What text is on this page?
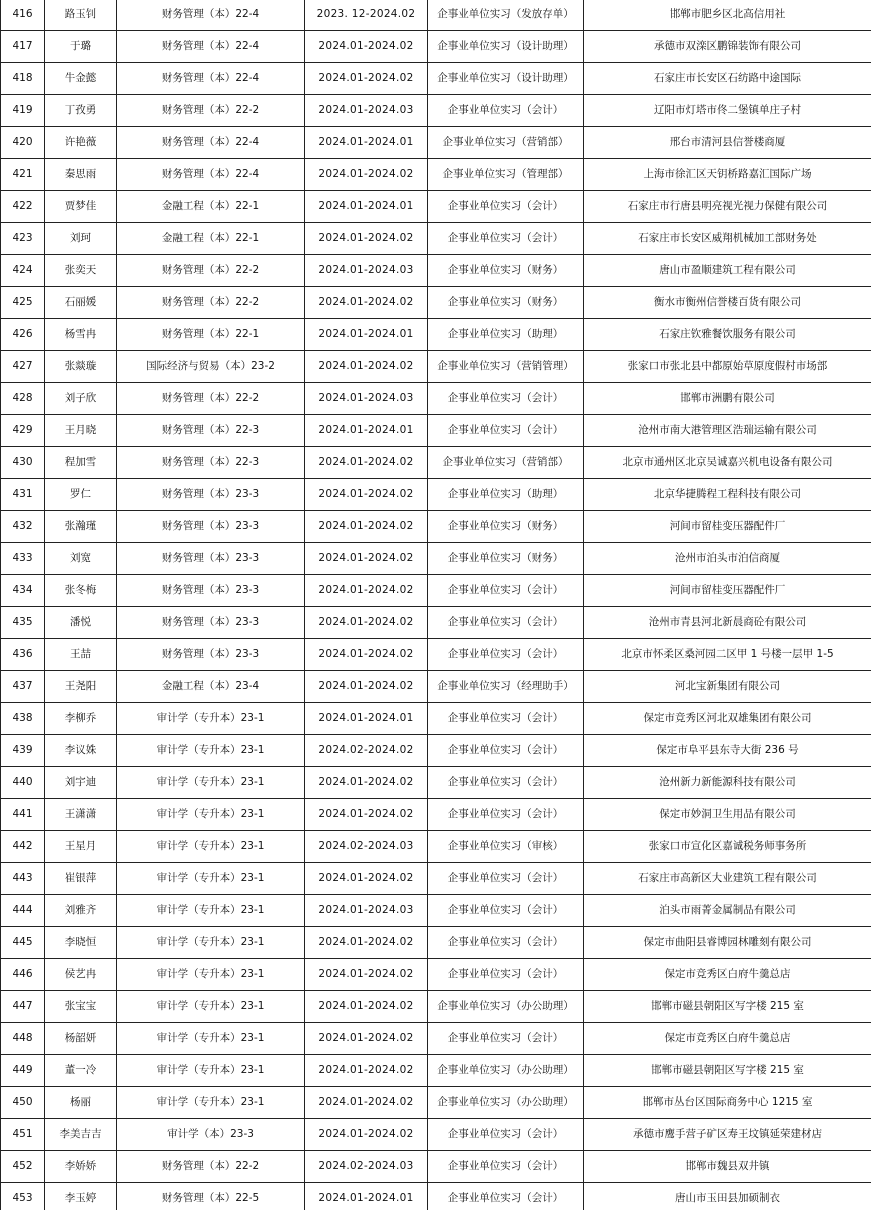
416	路玉钊	财务管理（本）22-4	2023. 12-2024.02	企事业单位实习（发放存单）	邯郸市肥乡区北高信用社
417	于璐	财务管理（本）22-4	2024.01-2024.02	企事业单位实习（设计助理）	承德市双滦区鹏锦装饰有限公司
418	牛金懿	财务管理（本）22-4	2024.01-2024.02	企事业单位实习（设计助理）	石家庄市长安区石纺路中途国际
419	丁孜勇	财务管理（本）22-2	2024.01-2024.03	企事业单位实习（会计）	辽阳市灯塔市佟二堡镇单庄子村
420	许艳薇	财务管理（本）22-4	2024.01-2024.01	企事业单位实习（营销部）	邢台市清河县信誉楼商厦
421	秦思雨	财务管理（本）22-4	2024.01-2024.02	企事业单位实习（管理部）	上海市徐汇区天钥桥路嘉汇国际广场
422	贾梦佳	金融工程（本）22-1	2024.01-2024.01	企事业单位实习（会计）	石家庄市行唐县明亮视光视力保健有限公司
423	刘珂	金融工程（本）22-1	2024.01-2024.02	企事业单位实习（会计）	石家庄市长安区威翔机械加工部财务处
424	张奕天	财务管理（本）22-2	2024.01-2024.03	企事业单位实习（财务）	唐山市盈顺建筑工程有限公司
425	石丽媛	财务管理（本）22-2	2024.01-2024.02	企事业单位实习（财务）	衡水市衡州信誉楼百货有限公司
426	杨雪冉	财务管理（本）22-1	2024.01-2024.01	企事业单位实习（助理）	石家庄钦雅餐饮服务有限公司
427	张燚璇	国际经济与贸易（本）23-2	2024.01-2024.02	企事业单位实习（营销管理）	张家口市张北县中都原始草原度假村市场部
428	刘子欣	财务管理（本）22-2	2024.01-2024.03	企事业单位实习（会计）	邯郸市洲鹏有限公司
429	王月晓	财务管理（本）22-3	2024.01-2024.01	企事业单位实习（会计）	沧州市南大港管理区浩瑞运输有限公司
430	程加雪	财务管理（本）22-3	2024.01-2024.02	企事业单位实习（营销部）	北京市通州区北京吴诚嘉兴机电设备有限公司
431	罗仁	财务管理（本）23-3	2024.01-2024.02	企事业单位实习（助理）	北京华捷腾程工程科技有限公司
432	张瀚瑾	财务管理（本）23-3	2024.01-2024.02	企事业单位实习（财务）	河间市留桂变压器配件厂
433	刘宽	财务管理（本）23-3	2024.01-2024.02	企事业单位实习（财务）	沧州市泊头市泊信商厦
434	张冬梅	财务管理（本）23-3	2024.01-2024.02	企事业单位实习（会计）	河间市留桂变压器配件厂
435	潘悦	财务管理（本）23-3	2024.01-2024.02	企事业单位实习（会计）	沧州市青县河北新晨商砼有限公司
436	王喆	财务管理（本）23-3	2024.01-2024.02	企事业单位实习（会计）	北京市怀柔区桑河园二区甲 1 号楼一层甲 1-5
437	王尧阳	金融工程（本）23-4	2024.01-2024.02	企事业单位实习（经理助手）	河北宝新集团有限公司
438	李柳乔	审计学（专升本）23-1	2024.01-2024.01	企事业单位实习（会计）	保定市竞秀区河北双雄集团有限公司
439	李议姝	审计学（专升本）23-1	2024.02-2024.02	企事业单位实习（会计）	保定市阜平县东寺大街 236 号
440	刘宇迪	审计学（专升本）23-1	2024.01-2024.02	企事业单位实习（会计）	沧州新力新能源科技有限公司
441	王潇潇	审计学（专升本）23-1	2024.01-2024.02	企事业单位实习（会计）	保定市妙洞卫生用品有限公司
442	王星月	审计学（专升本）23-1	2024.02-2024.03	企事业单位实习（审核）	张家口市宣化区嘉诚税务师事务所
443	崔银萍	审计学（专升本）23-1	2024.01-2024.02	企事业单位实习（会计）	石家庄市高新区大业建筑工程有限公司
444	刘雅齐	审计学（专升本）23-1	2024.01-2024.03	企事业单位实习（会计）	泊头市雨菁金属制品有限公司
445	李晓恒	审计学（专升本）23-1	2024.01-2024.02	企事业单位实习（会计）	保定市曲阳县睿博园林雕刻有限公司
446	侯艺冉	审计学（专升本）23-1	2024.01-2024.02	企事业单位实习（会计）	保定市竞秀区白府牛羹总店
447	张宝宝	审计学（专升本）23-1	2024.01-2024.02	企事业单位实习（办公助理）	邯郸市磁县朝阳区写字楼 215 室
448	杨韶妍	审计学（专升本）23-1	2024.01-2024.02	企事业单位实习（会计）	保定市竞秀区白府牛羹总店
449	董一冷	审计学（专升本）23-1	2024.01-2024.02	企事业单位实习（办公助理）	邯郸市磁县朝阳区写字楼 215 室
450	杨丽	审计学（专升本）23-1	2024.01-2024.02	企事业单位实习（办公助理）	邯郸市丛台区国际商务中心 1215 室
451	李美吉吉	审计学（本）23-3	2024.01-2024.02	企事业单位实习（会计）	承德市鹰手营子矿区寿王坟镇延荣建材店
452	李娇娇	财务管理（本）22-2	2024.02-2024.03	企事业单位实习（会计）	邯郸市魏县双井镇
453	李玉婷	财务管理（本）22-5	2024.01-2024.01	企事业单位实习（会计）	唐山市玉田县加硕制衣
